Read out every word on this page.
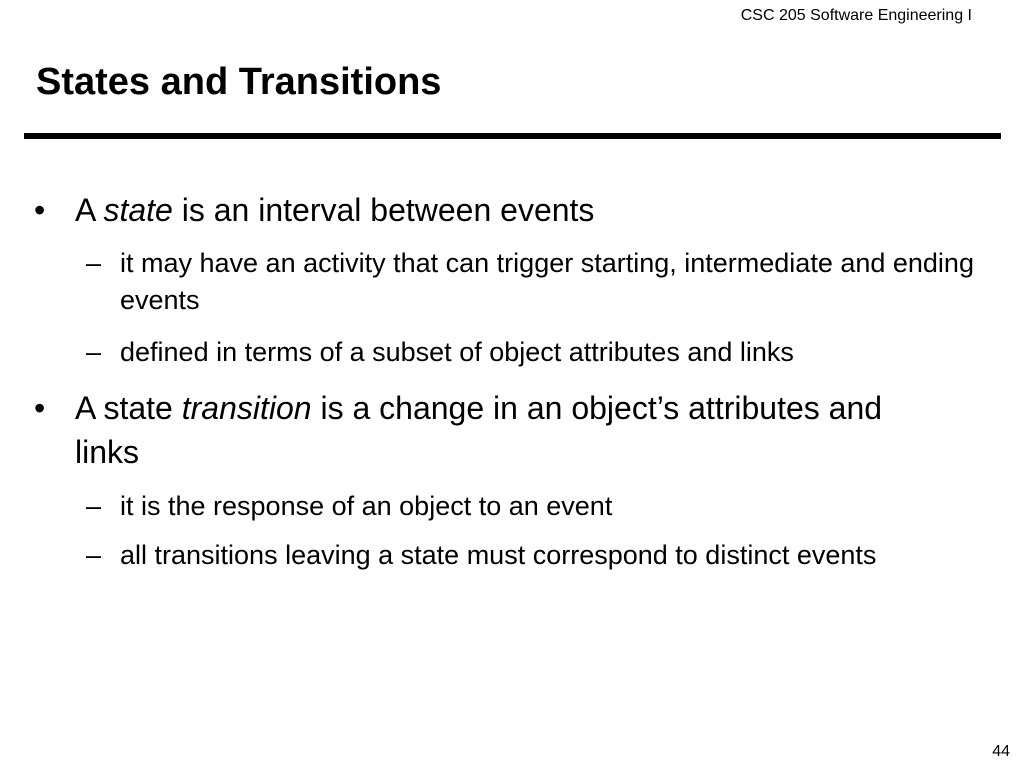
CSC 205 Software Engineering I
States and Transitions
• A state is an interval between events
– it may have an activity that can trigger starting, intermediate and ending events
– defined in terms of a subset of object attributes and links
• A state transition is a change in an object’s attributes and links
– it is the response of an object to an event
– all transitions leaving a state must correspond to distinct events
44
